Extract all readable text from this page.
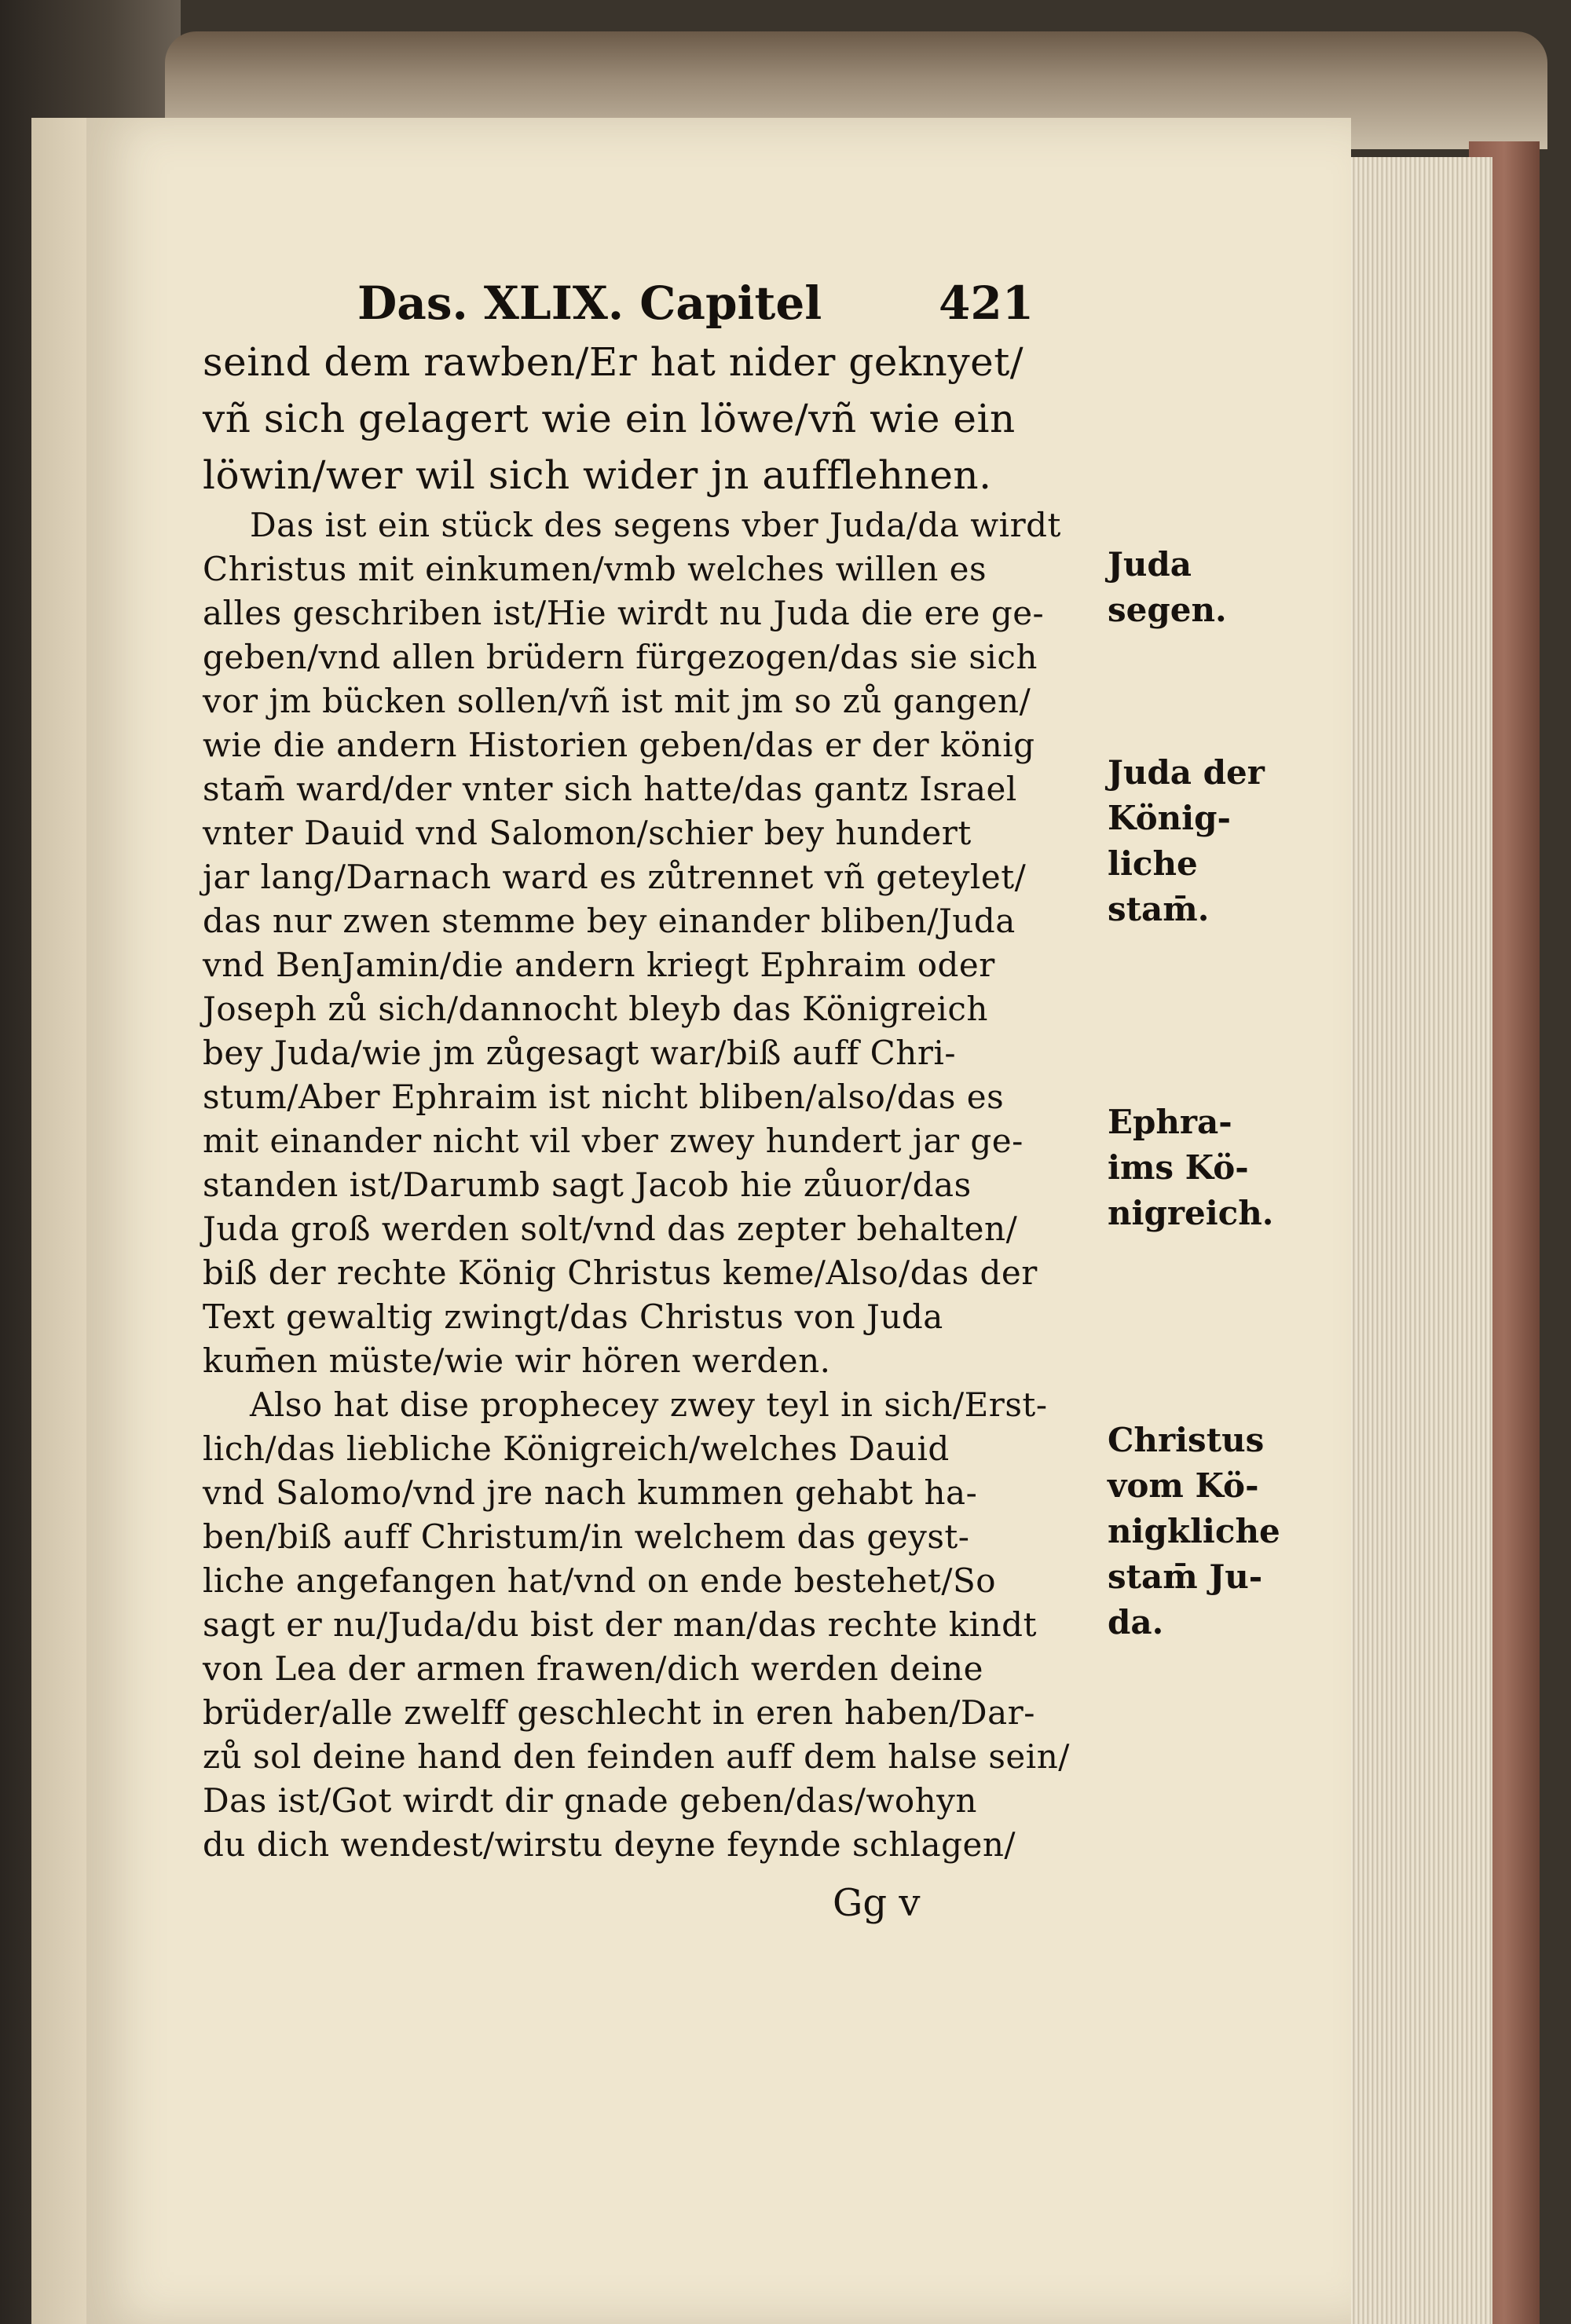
Das. XLIX. Capitel	421
seind dem rawben/Er hat nider geknyet/
vñ sich gelagert wie ein löwe/vñ wie ein
löwin/wer wil sich wider jn aufflehnen.
Das ist ein stück des segens vber Juda/da wirdt
Christus mit einkumen/vmb welches willen es
alles geschriben ist/Hie wirdt nu Juda die ere ge-
geben/vnd allen brüdern fürgezogen/das sie sich
vor jm bücken sollen/vñ ist mit jm so zů gangen/
wie die andern Historien geben/das er der könig
stam̄ ward/der vnter sich hatte/das gantz Israel
vnter Dauid vnd Salomon/schier bey hundert
jar lang/Darnach ward es zůtrennet vñ geteylet/
das nur zwen stemme bey einander bliben/Juda
vnd BenJamin/die andern kriegt Ephraim oder
Joseph zů sich/dannocht bleyb das Königreich
bey Juda/wie jm zůgesagt war/biß auff Chri-
stum/Aber Ephraim ist nicht bliben/also/das es
mit einander nicht vil vber zwey hundert jar ge-
standen ist/Darumb sagt Jacob hie zůuor/das
Juda groß werden solt/vnd das zepter behalten/
biß der rechte König Christus keme/Also/das der
Text gewaltig zwingt/das Christus von Juda
kum̄en müste/wie wir hören werden.
Also hat dise prophecey zwey teyl in sich/Erst-
lich/das liebliche Königreich/welches Dauid
vnd Salomo/vnd jre nach kummen gehabt ha-
ben/biß auff Christum/in welchem das geyst-
liche angefangen hat/vnd on ende bestehet/So
sagt er nu/Juda/du bist der man/das rechte kindt
von Lea der armen frawen/dich werden deine
brüder/alle zwelff geschlecht in eren haben/Dar-
zů sol deine hand den feinden auff dem halse sein/
Das ist/Got wirdt dir gnade geben/das/wohyn
du dich wendest/wirstu deyne feynde schlagen/
Juda
segen.
Juda der
König-
liche
stam̄.
Ephra-
ims Kö-
nigreich.
Christus
vom Kö-
nigkliche
stam̄ Ju-
da.
Gg v
